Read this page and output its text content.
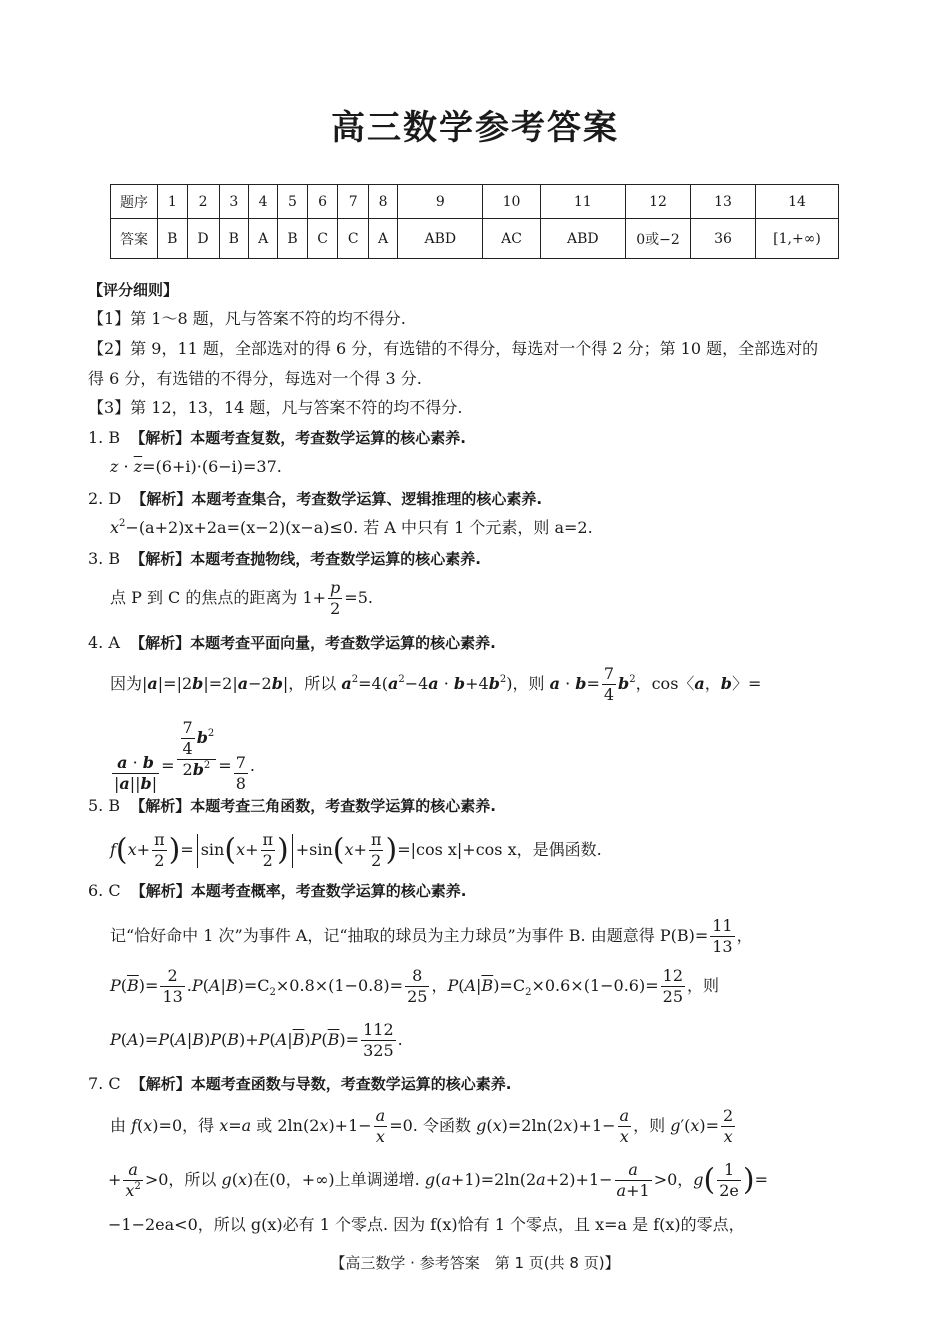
高三数学参考答案
题序	1	2	3	4	5	6	7	8	9	10	11	12	13	14
答案	B	D	B	A	B	C	C	A	ABD	AC	ABD	0或−2	36	[1,+∞)
【评分细则】
【1】第 1～8 题，凡与答案不符的均不得分.
【2】第 9，11 题，全部选对的得 6 分，有选错的不得分，每选对一个得 2 分；第 10 题，全部选对的
得 6 分，有选错的不得分，每选对一个得 3 分.
【3】第 12，13，14 题，凡与答案不符的均不得分.
1. B 【解析】本题考查复数，考查数学运算的核心素养.
$z \cdot \overline{z}=(6+i)\cdot(6-i)=37$.
2. D 【解析】本题考查集合，考查数学运算、逻辑推理的核心素养.
$x^2-(a+2)x+2a=(x-2)(x-a)\le 0$. 若 A 中只有 1 个元素，则 a=2.
3. B 【解析】本题考查抛物线，考查数学运算的核心素养.
点 P 到 C 的焦点的距离为 $1+ \frac{p}{2} =5$.
4. A 【解析】本题考查平面向量，考查数学运算的核心素养.
因为|a|=|2b|=2|a−2b|，所以 $a^2=4(a^2-4a \cdot b+4b^2)$，则 $a \cdot b= \frac{7}{4} b^2$，cos〈a，b〉=
$\frac{a \cdot b}{|a||b|} = \frac{\frac{7}{4} b^2}{2b^2} = \frac{7}{8}$ .
5. B 【解析】本题考查三角函数，考查数学运算的核心素养.
$f(x+ \frac{\pi}{2}$ )= $\sin(x+ \frac{\pi}{2}$ ) $+\sin(x+ \frac{\pi}{2} )=|\cos$ x|+cos x，是偶函数.
6. C 【解析】本题考查概率，考查数学运算的核心素养.
记“恰好命中 1 次”为事件 A，记“抽取的球员为主力球员”为事件 B. 由题意得 $P(B)= \frac{11}{13}$ ，
$P(\overline{B})= \frac{2}{13} .P(A|B)=C_2\times 0.8\times(1-0.8)= \frac{8}{25}$ ，$P(A|\overline{B})=C_2\times 0.6\times(1-0.6)= \frac{12}{25}$ ，则
$P(A)=P(A|B)P(B)+P(A|\overline{B})P(\overline{B})= \frac{112}{325}$ .
7. C 【解析】本题考查函数与导数，考查数学运算的核心素养.
由 f(x)=0，得 x=a 或 $2\ln(2x)+1- \frac{a}{x} =0$. 令函数 $g(x)=2\ln(2x)+1- \frac{a}{x}$ ，则 $g'(x)= \frac{2}{x}$
+ $\frac{a}{x^2} >0$，所以 g(x)在(0，+∞)上单调递增. $g(a+1)=2\ln(2a+2)+1- \frac{a}{a+1} >0$，$g( \frac{1}{2e}$ )=
−1−2ea<0，所以 g(x)必有 1 个零点. 因为 f(x)恰有 1 个零点，且 x=a 是 f(x)的零点，
【高三数学 · 参考答案　第 1 页(共 8 页)】
